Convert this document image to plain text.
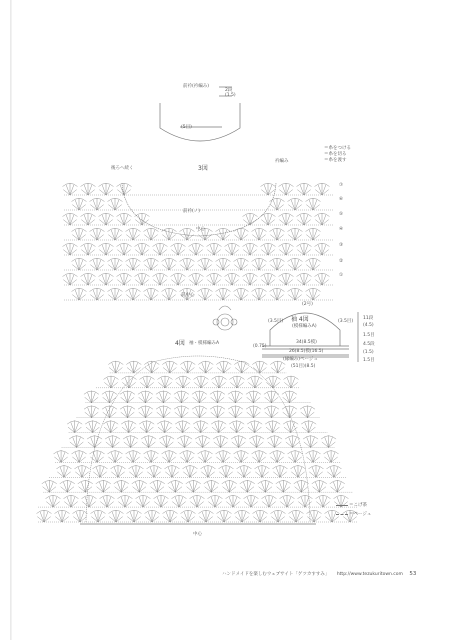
前衿(衿編み)
2段
(1.5)
(5目)
＝糸をつける
＝糸を切る
＝糸を渡す
3図
後ろへ続く
衿編み
前衿(ノ)
中心
前中心
⑦
⑥
⑤
④
③
②
①
(2号)
袖 4図
(模様編みA)
(3.5目)	(3.5目)
34(8.5模)
26(8.5)模(16.5)
(縁編み)ページュ
(51目)(8.5)
(0.75)
11段
(4.5)
1.5目
4.5段
(1.5)
1.5目
4図 袖・模様編みA
中心
＝こげ茶
＝ページュ
ハンドメイドを楽しむウェブサイト「ゲツカすすみ」 http://www.tezukuritown.com 53
